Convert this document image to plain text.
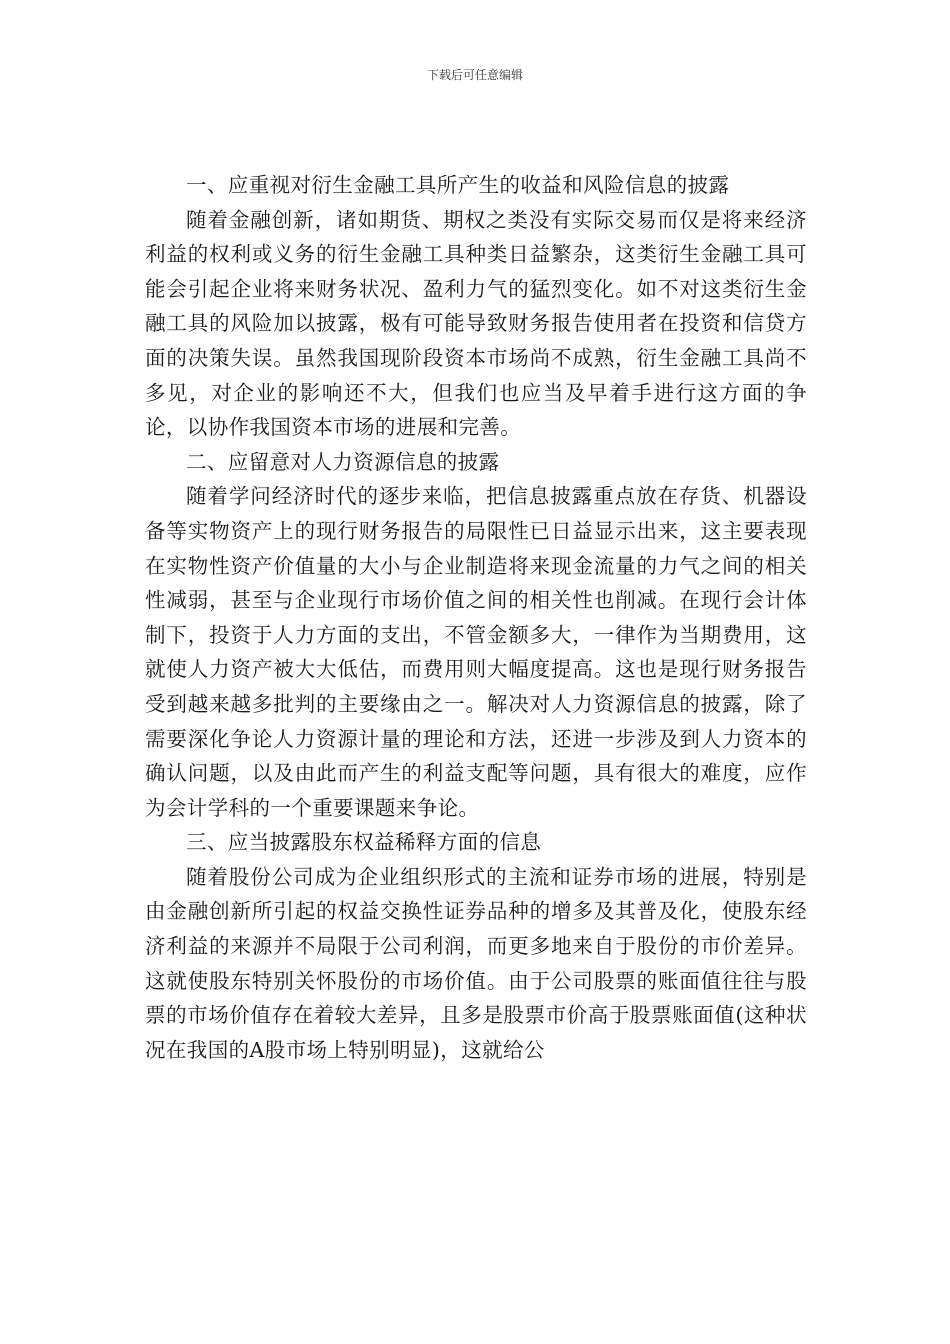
下载后可任意编辑

一、应重视对衍生金融工具所产生的收益和风险信息的披露

随着金融创新，诸如期货、期权之类没有实际交易而仅是将来经济利益的权利或义务的衍生金融工具种类日益繁杂，这类衍生金融工具可能会引起企业将来财务状况、盈利力气的猛烈变化。如不对这类衍生金融工具的风险加以披露，极有可能导致财务报告使用者在投资和信贷方面的决策失误。虽然我国现阶段资本市场尚不成熟，衍生金融工具尚不多见，对企业的影响还不大，但我们也应当及早着手进行这方面的争论，以协作我国资本市场的进展和完善。

二、应留意对人力资源信息的披露

随着学问经济时代的逐步来临，把信息披露重点放在存货、机器设备等实物资产上的现行财务报告的局限性已日益显示出来，这主要表现在实物性资产价值量的大小与企业制造将来现金流量的力气之间的相关性减弱，甚至与企业现行市场价值之间的相关性也削减。在现行会计体制下，投资于人力方面的支出，不管金额多大，一律作为当期费用，这就使人力资产被大大低估，而费用则大幅度提高。这也是现行财务报告受到越来越多批判的主要缘由之一。解决对人力资源信息的披露，除了需要深化争论人力资源计量的理论和方法，还进一步涉及到人力资本的确认问题，以及由此而产生的利益支配等问题，具有很大的难度，应作为会计学科的一个重要课题来争论。

三、应当披露股东权益稀释方面的信息

随着股份公司成为企业组织形式的主流和证券市场的进展，特别是由金融创新所引起的权益交换性证券品种的增多及其普及化，使股东经济利益的来源并不局限于公司利润，而更多地来自于股份的市价差异。这就使股东特别关怀股份的市场价值。由于公司股票的账面值往往与股票的市场价值存在着较大差异，且多是股票市价高于股票账面值(这种状况在我国的A股市场上特别明显)，这就给公
